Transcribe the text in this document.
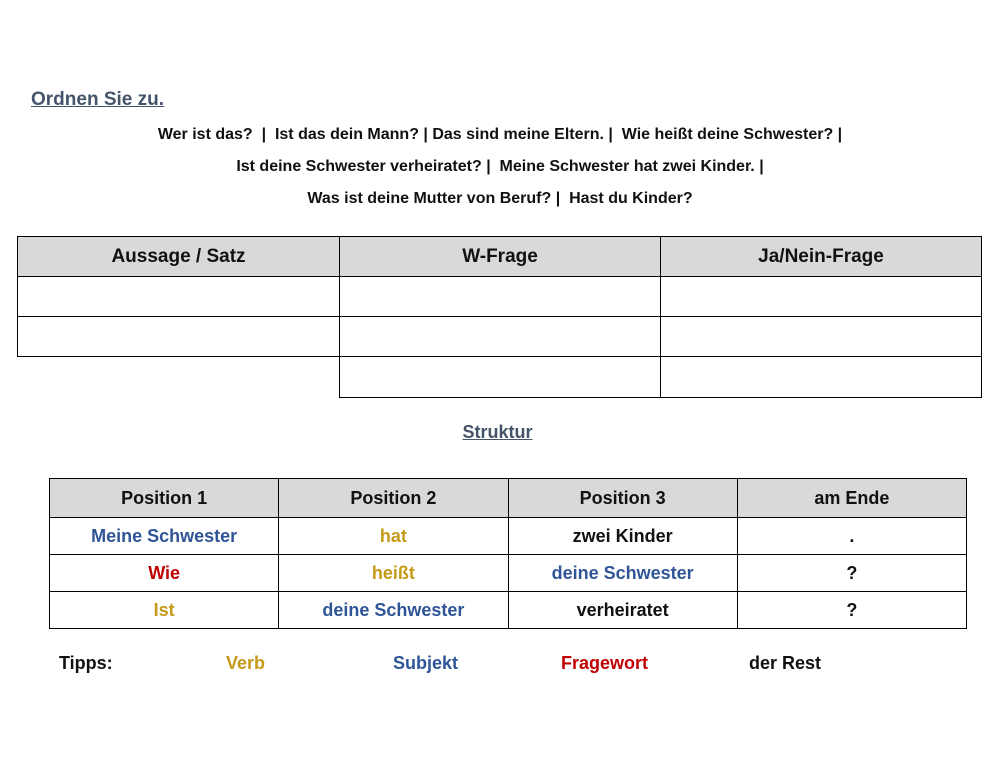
Ordnen Sie zu.
Wer ist das?  |  Ist das dein Mann? | Das sind meine Eltern. |  Wie heißt deine Schwester? |
Ist deine Schwester verheiratet? |  Meine Schwester hat zwei Kinder. |
Was ist deine Mutter von Beruf? |  Hast du Kinder?
Aussage / Satz	W-Frage	Ja/Nein-Frage
Struktur
Position 1	Position 2	Position 3	am Ende
Meine Schwester	hat	zwei Kinder	.
Wie	heißt	deine Schwester	?
Ist	deine Schwester	verheiratet	?
Tipps:	Verb	Subjekt	Fragewort	der Rest
